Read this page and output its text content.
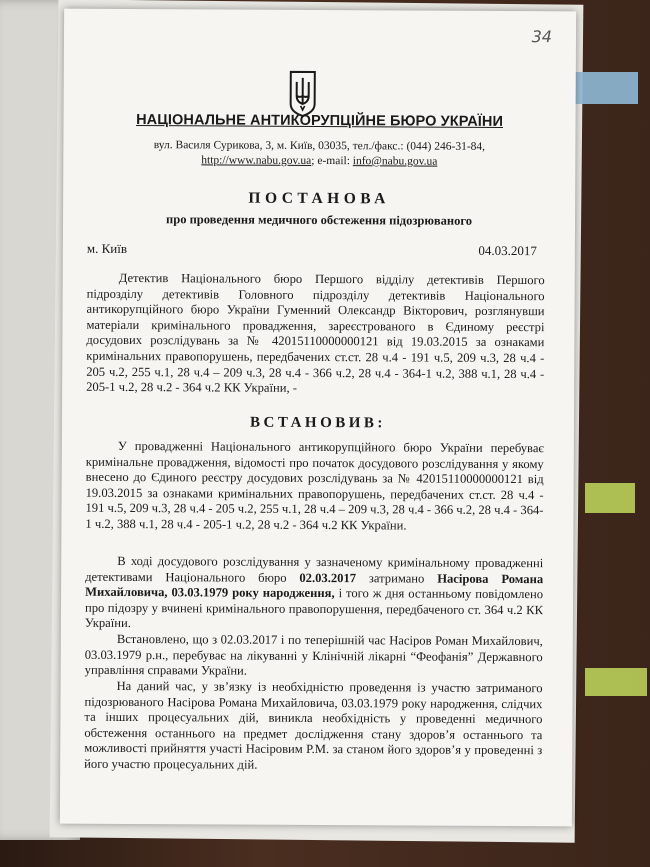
34
НАЦІОНАЛЬНЕ АНТИКОРУПЦІЙНЕ БЮРО УКРАЇНИ
вул. Василя Сурикова, 3, м. Київ, 03035, тел./факс.: (044) 246-31-84,
http://www.nabu.gov.ua; e-mail: info@nabu.gov.ua
ПОСТАНОВА
про проведення медичного обстеження підозрюваного
м. Київ	04.03.2017
Детектив Національного бюро Першого відділу детективів Першого підрозділу детективів Головного підрозділу детективів Національного антикорупційного бюро України Гуменний Олександр Вікторович, розглянувши матеріали кримінального провадження, зареєстрованого в Єдиному реєстрі досудових розслідувань за № 42015110000000121 від 19.03.2015 за ознаками кримінальних правопорушень, передбачених ст.ст. 28 ч.4 - 191 ч.5, 209 ч.3, 28 ч.4 - 205 ч.2, 255 ч.1, 28 ч.4 – 209 ч.3, 28 ч.4 - 366 ч.2, 28 ч.4 - 364-1 ч.2, 388 ч.1, 28 ч.4 - 205-1 ч.2, 28 ч.2 - 364 ч.2 КК України, -
ВСТАНОВИВ:
У провадженні Національного антикорупційного бюро України перебуває кримінальне провадження, відомості про початок досудового розслідування у якому внесено до Єдиного реєстру досудових розслідувань за № 42015110000000121 від 19.03.2015 за ознаками кримінальних правопорушень, передбачених ст.ст. 28 ч.4 - 191 ч.5, 209 ч.3, 28 ч.4 - 205 ч.2, 255 ч.1, 28 ч.4 – 209 ч.3, 28 ч.4 - 366 ч.2, 28 ч.4 - 364-1 ч.2, 388 ч.1, 28 ч.4 - 205-1 ч.2, 28 ч.2 - 364 ч.2 КК України.
В ході досудового розслідування у зазначеному кримінальному провадженні детективами Національного бюро 02.03.2017 затримано Насірова Романа Михайловича, 03.03.1979 року народження, і того ж дня останньому повідомлено про підозру у вчинені кримінального правопорушення, передбаченого ст. 364 ч.2 КК України.
Встановлено, що з 02.03.2017 і по теперішній час Насіров Роман Михайлович, 03.03.1979 р.н., перебуває на лікуванні у Клінічній лікарні “Феофанія” Державного управління справами України.
На даний час, у зв’язку із необхідністю проведення із участю затриманого підозрюваного Насірова Романа Михайловича, 03.03.1979 року народження, слідчих та інших процесуальних дій, виникла необхідність у проведенні медичного обстеження останнього на предмет дослідження стану здоров’я останнього та можливості прийняття участі Насіровим Р.М. за станом його здоров’я у проведенні з його участю процесуальних дій.
